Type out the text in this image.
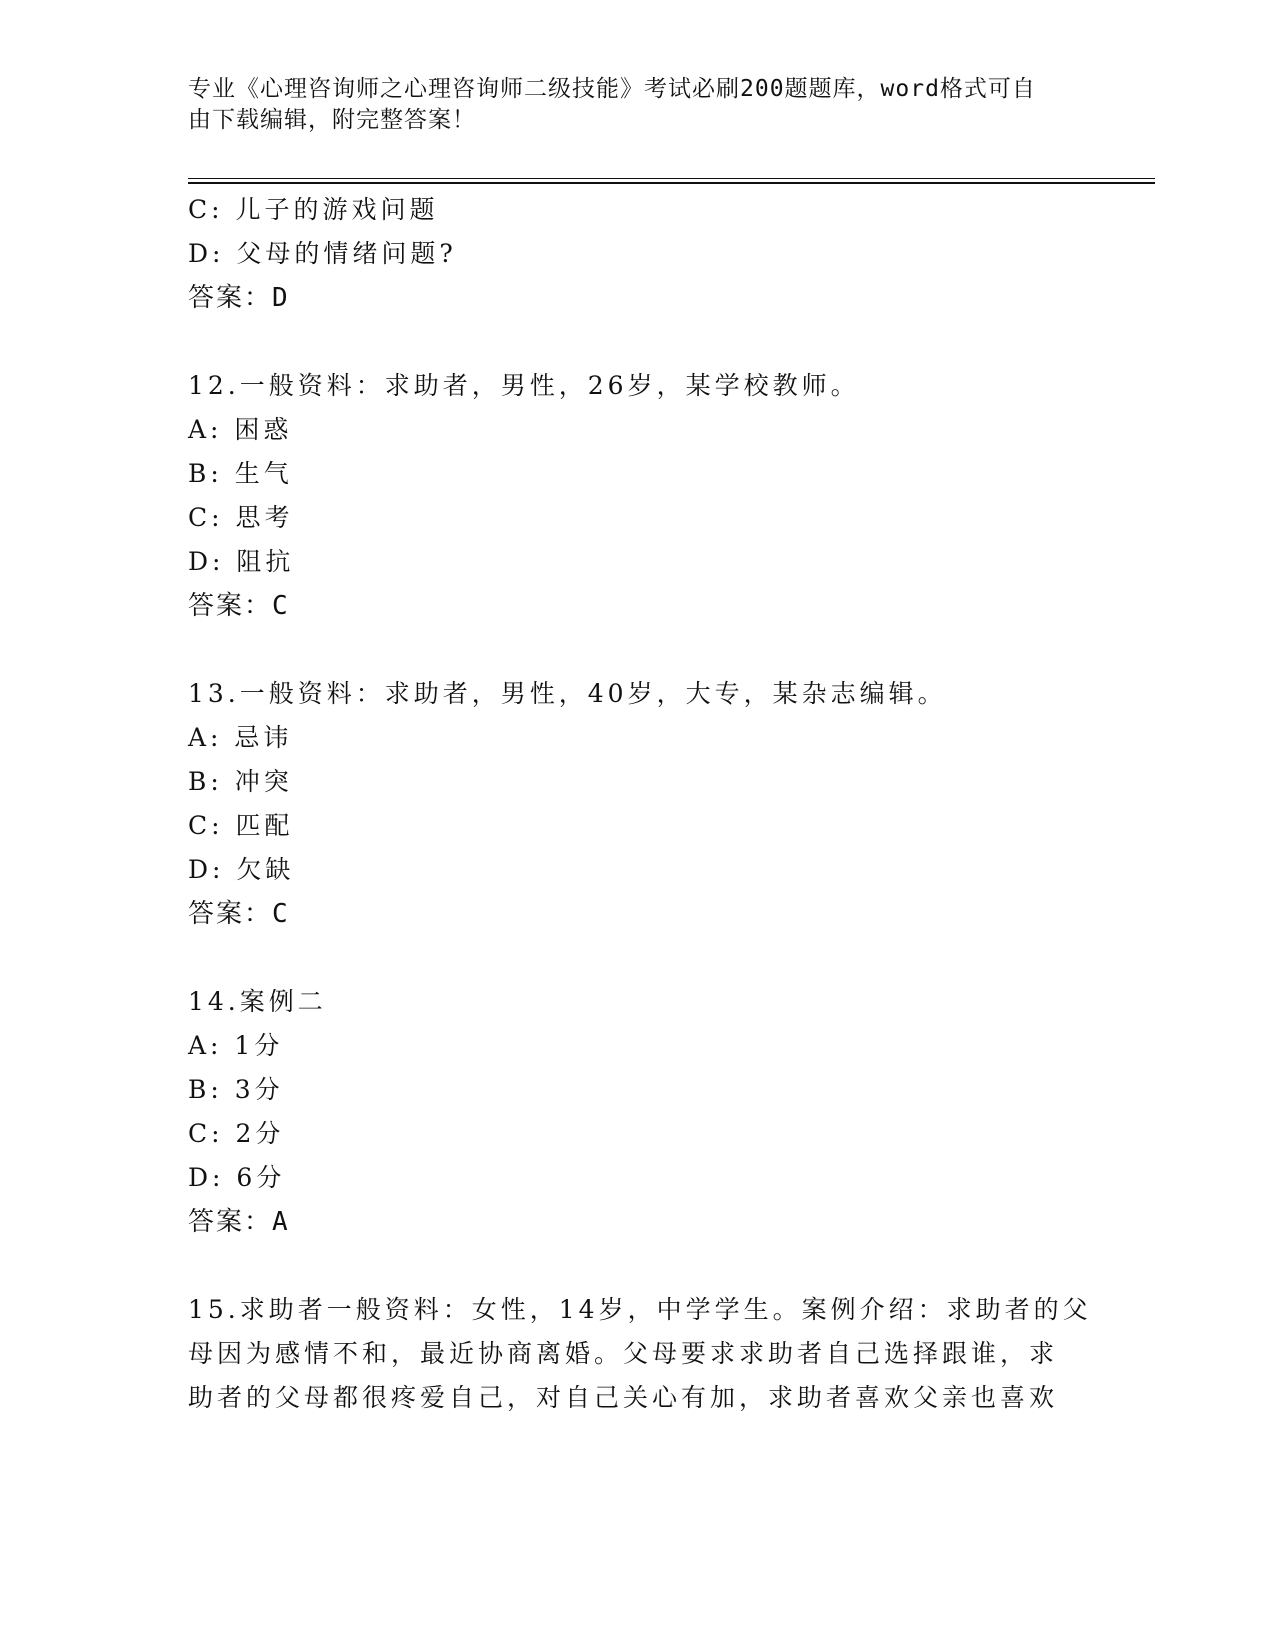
专业《心理咨询师之心理咨询师二级技能》考试必刷200题题库，word格式可自
由下载编辑，附完整答案！
C: 儿子的游戏问题
D: 父母的情绪问题?
答案：D
12.一般资料：求助者，男性，26岁，某学校教师。
A: 困惑
B: 生气
C: 思考
D: 阻抗
答案：C
13.一般资料：求助者，男性，40岁，大专，某杂志编辑。
A: 忌讳
B: 冲突
C: 匹配
D: 欠缺
答案：C
14.案例二
A: 1分
B: 3分
C: 2分
D: 6分
答案：A
15.求助者一般资料：女性，14岁，中学学生。案例介绍：求助者的父
母因为感情不和，最近协商离婚。父母要求求助者自己选择跟谁，求
助者的父母都很疼爱自己，对自己关心有加，求助者喜欢父亲也喜欢
